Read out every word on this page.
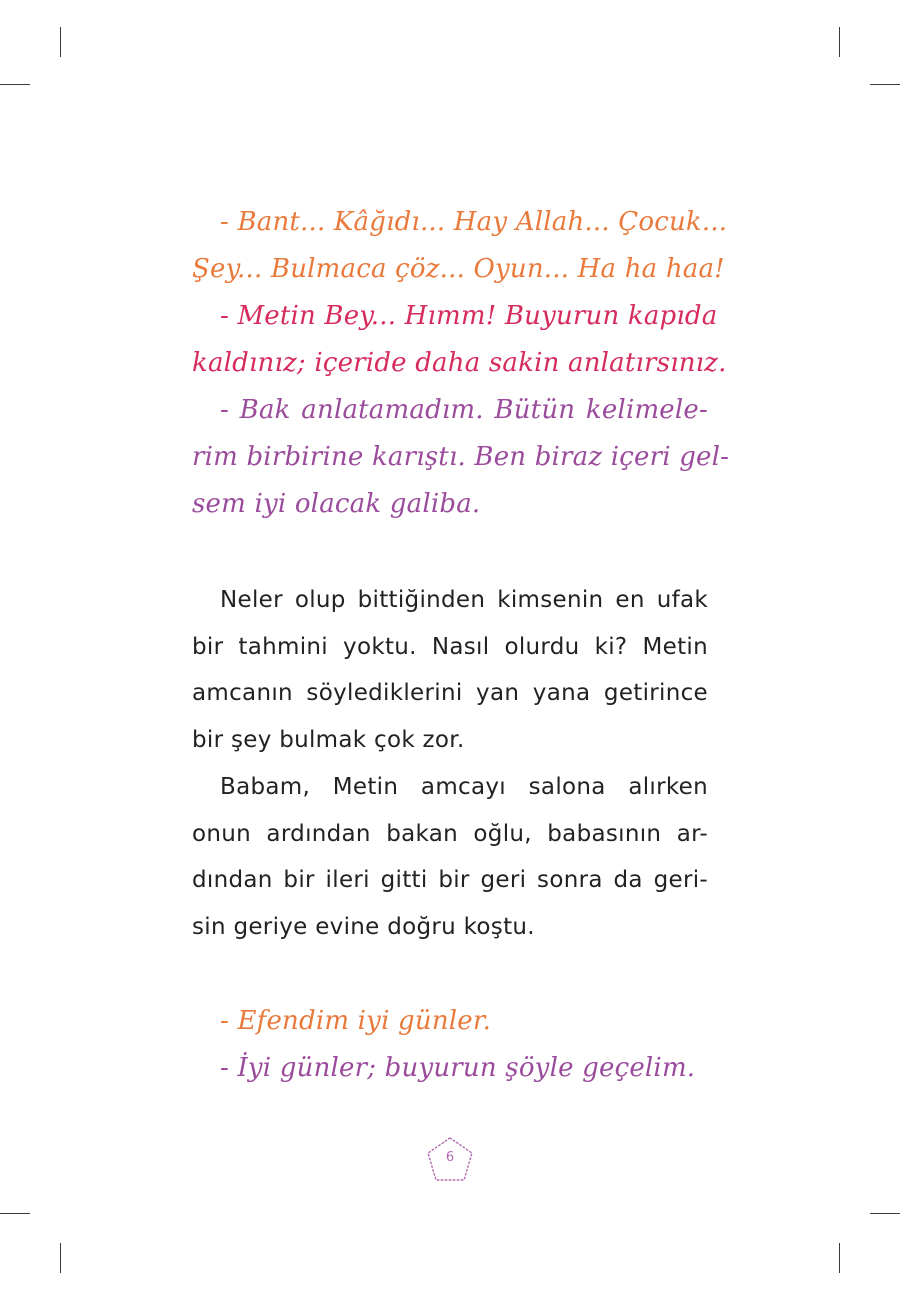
- Bant... Kâğıdı... Hay Allah... Çocuk...
Şey... Bulmaca çöz... Oyun... Ha ha haa!
- Metin Bey... Hımm! Buyurun kapıda
kaldınız; içeride daha sakin anlatırsınız.
- Bak anlatamadım. Bütün kelimele-
rim birbirine karıştı. Ben biraz içeri gel-
sem iyi olacak galiba.
Neler olup bittiğinden kimsenin en ufak
bir tahmini yoktu. Nasıl olurdu ki? Metin
amcanın söylediklerini yan yana getirince
bir şey bulmak çok zor.
Babam, Metin amcayı salona alırken
onun ardından bakan oğlu, babasının ar-
dından bir ileri gitti bir geri sonra da geri-
sin geriye evine doğru koştu.
- Efendim iyi günler.
- İyi günler; buyurun şöyle geçelim.
6
